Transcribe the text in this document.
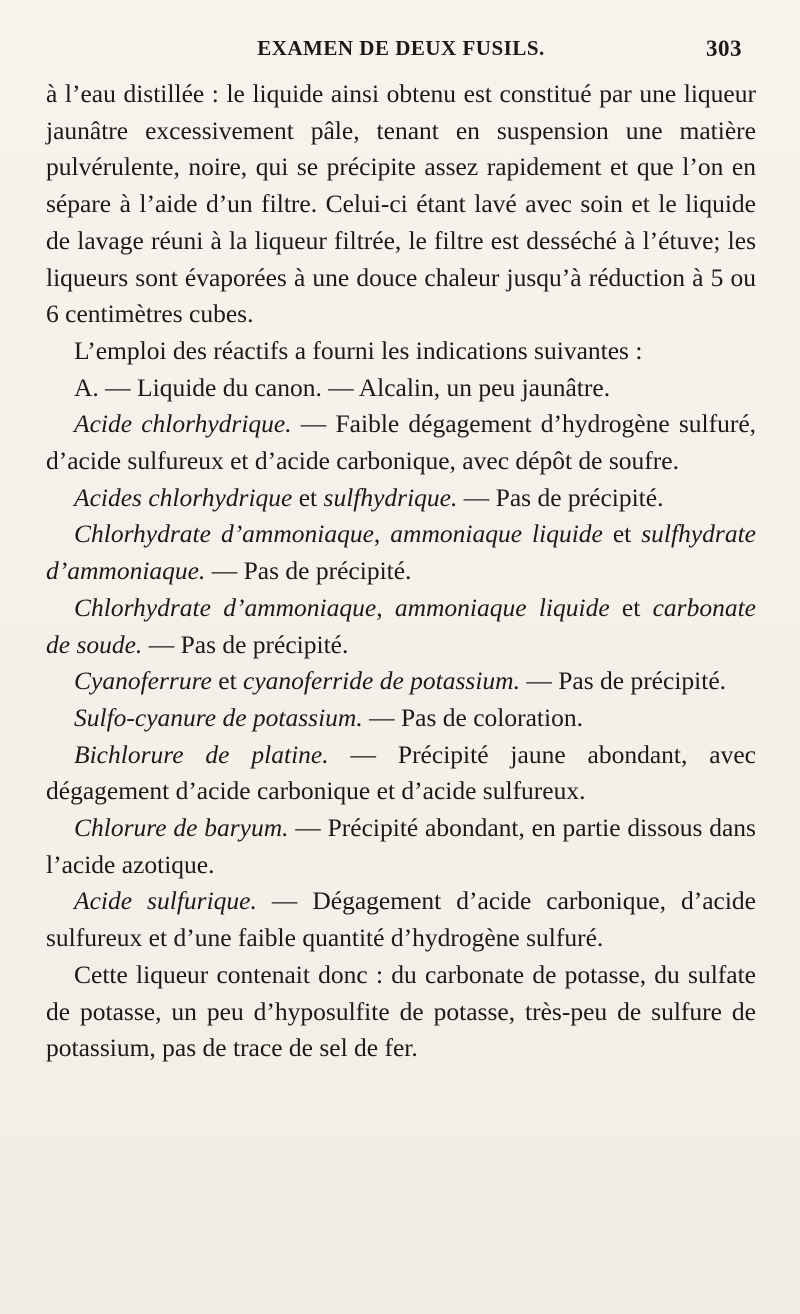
EXAMEN DE DEUX FUSILS.	303

à l’eau distillée : le liquide ainsi obtenu est constitué par une liqueur jaunâtre excessivement pâle, tenant en suspension une matière pulvérulente, noire, qui se précipite assez rapidement et que l’on en sépare à l’aide d’un filtre. Celui-ci étant lavé avec soin et le liquide de lavage réuni à la liqueur filtrée, le filtre est desséché à l’étuve; les liqueurs sont évaporées à une douce chaleur jusqu’à réduction à 5 ou 6 centimètres cubes.

L’emploi des réactifs a fourni les indications suivantes :

A. — Liquide du canon. — Alcalin, un peu jaunâtre.

Acide chlorhydrique. — Faible dégagement d’hydrogène sulfuré, d’acide sulfureux et d’acide carbonique, avec dépôt de soufre.

Acides chlorhydrique et sulfhydrique. — Pas de précipité.

Chlorhydrate d’ammoniaque, ammoniaque liquide et sulfhydrate d’ammoniaque. — Pas de précipité.

Chlorhydrate d’ammoniaque, ammoniaque liquide et carbonate de soude. — Pas de précipité.

Cyanoferrure et cyanoferride de potassium. — Pas de précipité.

Sulfo-cyanure de potassium. — Pas de coloration.

Bichlorure de platine. — Précipité jaune abondant, avec dégagement d’acide carbonique et d’acide sulfureux.

Chlorure de baryum. — Précipité abondant, en partie dissous dans l’acide azotique.

Acide sulfurique. — Dégagement d’acide carbonique, d’acide sulfureux et d’une faible quantité d’hydrogène sulfuré.

Cette liqueur contenait donc : du carbonate de potasse, du sulfate de potasse, un peu d’hyposulfite de potasse, très-peu de sulfure de potassium, pas de trace de sel de fer.
